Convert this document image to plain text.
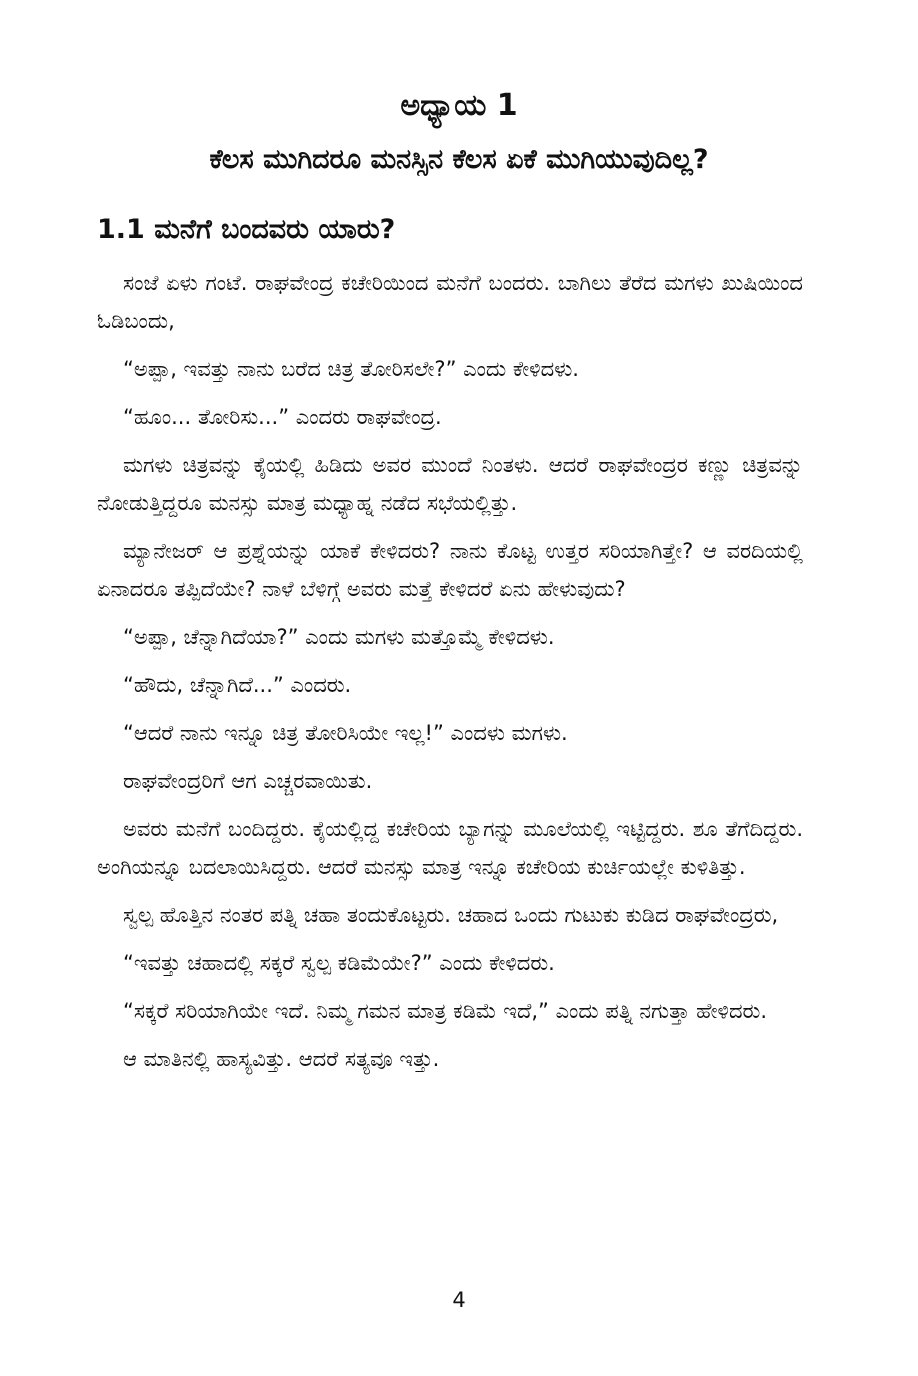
ಅಧ್ಯಾಯ 1
ಕೆಲಸ ಮುಗಿದರೂ ಮನಸ್ಸಿನ ಕೆಲಸ ಏಕೆ ಮುಗಿಯುವುದಿಲ್ಲ?
1.1 ಮನೆಗೆ ಬಂದವರು ಯಾರು?

ಸಂಜೆ ಏಳು ಗಂಟೆ. ರಾಘವೇಂದ್ರ ಕಚೇರಿಯಿಂದ ಮನೆಗೆ ಬಂದರು. ಬಾಗಿಲು ತೆರೆದ ಮಗಳು ಖುಷಿಯಿಂದ ಓಡಿಬಂದು,

“ಅಪ್ಪಾ, ಇವತ್ತು ನಾನು ಬರೆದ ಚಿತ್ರ ತೋರಿಸಲೇ?” ಎಂದು ಕೇಳಿದಳು.

“ಹೂಂ... ತೋರಿಸು...” ಎಂದರು ರಾಘವೇಂದ್ರ.

ಮಗಳು ಚಿತ್ರವನ್ನು ಕೈಯಲ್ಲಿ ಹಿಡಿದು ಅವರ ಮುಂದೆ ನಿಂತಳು. ಆದರೆ ರಾಘವೇಂದ್ರರ ಕಣ್ಣು ಚಿತ್ರವನ್ನು ನೋಡುತ್ತಿದ್ದರೂ ಮನಸ್ಸು ಮಾತ್ರ ಮಧ್ಯಾಹ್ನ ನಡೆದ ಸಭೆಯಲ್ಲಿತ್ತು.

ಮ್ಯಾನೇಜರ್ ಆ ಪ್ರಶ್ನೆಯನ್ನು ಯಾಕೆ ಕೇಳಿದರು? ನಾನು ಕೊಟ್ಟ ಉತ್ತರ ಸರಿಯಾಗಿತ್ತೇ? ಆ ವರದಿಯಲ್ಲಿ ಏನಾದರೂ ತಪ್ಪಿದೆಯೇ? ನಾಳೆ ಬೆಳಿಗ್ಗೆ ಅವರು ಮತ್ತೆ ಕೇಳಿದರೆ ಏನು ಹೇಳುವುದು?

“ಅಪ್ಪಾ, ಚೆನ್ನಾಗಿದೆಯಾ?” ಎಂದು ಮಗಳು ಮತ್ತೊಮ್ಮೆ ಕೇಳಿದಳು.

“ಹೌದು, ಚೆನ್ನಾಗಿದೆ...” ಎಂದರು.

“ಆದರೆ ನಾನು ಇನ್ನೂ ಚಿತ್ರ ತೋರಿಸಿಯೇ ಇಲ್ಲ!” ಎಂದಳು ಮಗಳು.

ರಾಘವೇಂದ್ರರಿಗೆ ಆಗ ಎಚ್ಚರವಾಯಿತು.

ಅವರು ಮನೆಗೆ ಬಂದಿದ್ದರು. ಕೈಯಲ್ಲಿದ್ದ ಕಚೇರಿಯ ಬ್ಯಾಗನ್ನು ಮೂಲೆಯಲ್ಲಿ ಇಟ್ಟಿದ್ದರು. ಶೂ ತೆಗೆದಿದ್ದರು. ಅಂಗಿಯನ್ನೂ ಬದಲಾಯಿಸಿದ್ದರು. ಆದರೆ ಮನಸ್ಸು ಮಾತ್ರ ಇನ್ನೂ ಕಚೇರಿಯ ಕುರ್ಚಿಯಲ್ಲೇ ಕುಳಿತಿತ್ತು.

ಸ್ವಲ್ಪ ಹೊತ್ತಿನ ನಂತರ ಪತ್ನಿ ಚಹಾ ತಂದುಕೊಟ್ಟರು. ಚಹಾದ ಒಂದು ಗುಟುಕು ಕುಡಿದ ರಾಘವೇಂದ್ರರು,

“ಇವತ್ತು ಚಹಾದಲ್ಲಿ ಸಕ್ಕರೆ ಸ್ವಲ್ಪ ಕಡಿಮೆಯೇ?” ಎಂದು ಕೇಳಿದರು.

“ಸಕ್ಕರೆ ಸರಿಯಾಗಿಯೇ ಇದೆ. ನಿಮ್ಮ ಗಮನ ಮಾತ್ರ ಕಡಿಮೆ ಇದೆ,” ಎಂದು ಪತ್ನಿ ನಗುತ್ತಾ ಹೇಳಿದರು.

ಆ ಮಾತಿನಲ್ಲಿ ಹಾಸ್ಯವಿತ್ತು. ಆದರೆ ಸತ್ಯವೂ ಇತ್ತು.

4
